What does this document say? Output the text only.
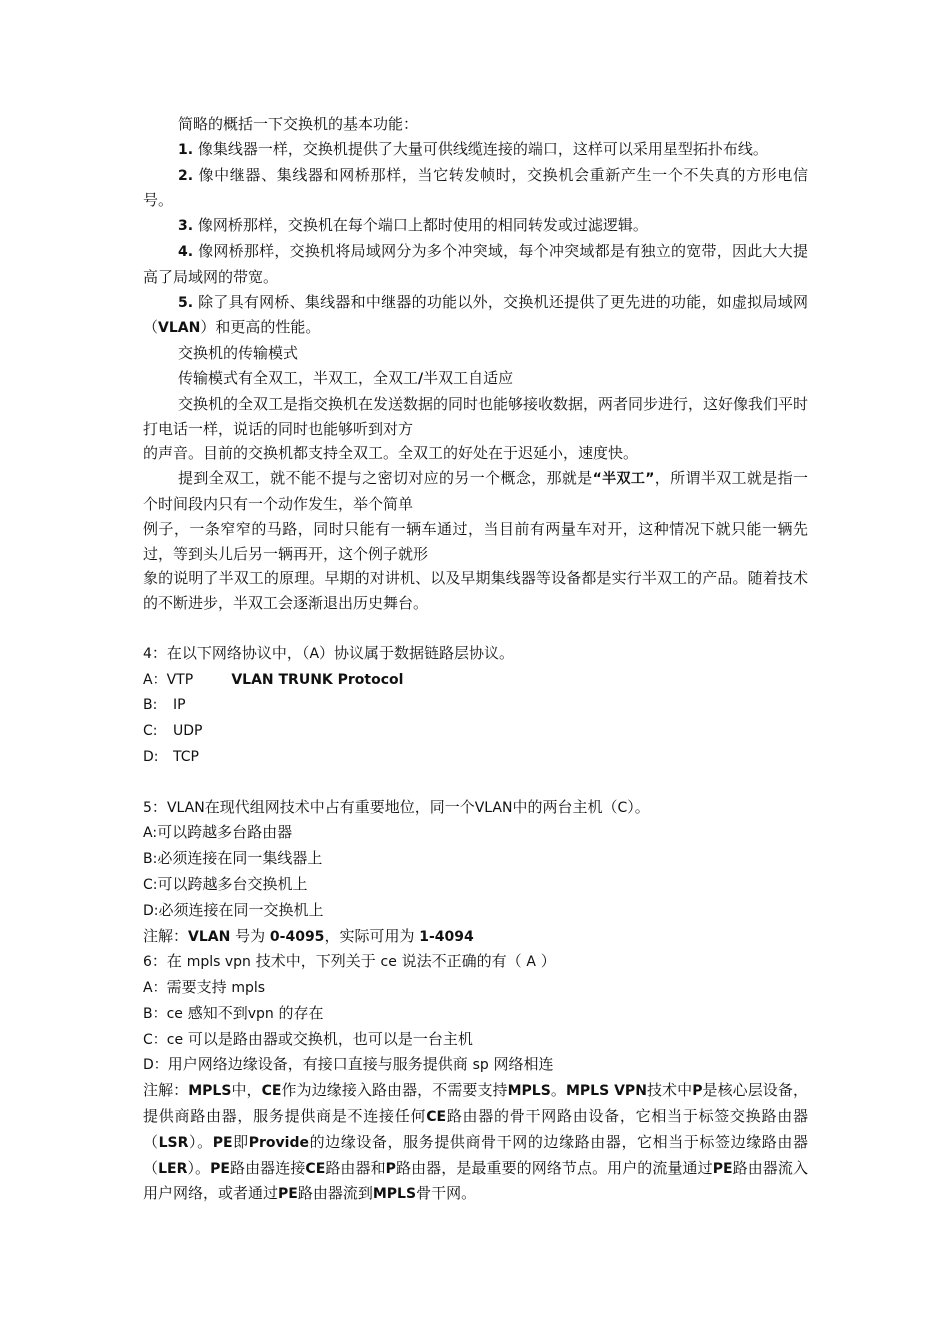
简略的概括一下交换机的基本功能：

1. 像集线器一样，交换机提供了大量可供线缆连接的端口，这样可以采用星型拓扑布线。

2. 像中继器、集线器和网桥那样，当它转发帧时，交换机会重新产生一个不失真的方形电信号。

3. 像网桥那样，交换机在每个端口上都时使用的相同转发或过滤逻辑。

4. 像网桥那样，交换机将局域网分为多个冲突域，每个冲突域都是有独立的宽带，因此大大提高了局域网的带宽。

5. 除了具有网桥、集线器和中继器的功能以外，交换机还提供了更先进的功能，如虚拟局域网（VLAN）和更高的性能。

交换机的传输模式

传输模式有全双工，半双工，全双工/半双工自适应

交换机的全双工是指交换机在发送数据的同时也能够接收数据，两者同步进行，这好像我们平时打电话一样，说话的同时也能够听到对方

的声音。目前的交换机都支持全双工。全双工的好处在于迟延小，速度快。

提到全双工，就不能不提与之密切对应的另一个概念，那就是“半双工”，所谓半双工就是指一个时间段内只有一个动作发生，举个简单

例子，一条窄窄的马路，同时只能有一辆车通过，当目前有两量车对开，这种情况下就只能一辆先过，等到头儿后另一辆再开，这个例子就形

象的说明了半双工的原理。早期的对讲机、以及早期集线器等设备都是实行半双工的产品。随着技术的不断进步，半双工会逐渐退出历史舞台。

4：在以下网络协议中，（A）协议属于数据链路层协议。

A：VTP	VLAN TRUNK Protocol

B: IP

C: UDP

D: TCP

5：VLAN在现代组网技术中占有重要地位，同一个VLAN中的两台主机（C）。

A:可以跨越多台路由器

B:必须连接在同一集线器上

C:可以跨越多台交换机上

D:必须连接在同一交换机上

注解：VLAN 号为 0-4095，实际可用为 1-4094

6：在 mpls vpn 技术中，下列关于 ce 说法不正确的有（ A ）

A：需要支持 mpls

B：ce 感知不到vpn 的存在

C：ce 可以是路由器或交换机，也可以是一台主机

D：用户网络边缘设备，有接口直接与服务提供商 sp 网络相连

注解：MPLS中，CE作为边缘接入路由器，不需要支持MPLS。MPLS VPN技术中P是核心层设备，提供商路由器，服务提供商是不连接任何CE路由器的骨干网路由设备，它相当于标签交换路由器（LSR）。PE即Provide的边缘设备，服务提供商骨干网的边缘路由器，它相当于标签边缘路由器（LER）。PE路由器连接CE路由器和P路由器，是最重要的网络节点。用户的流量通过PE路由器流入用户网络，或者通过PE路由器流到MPLS骨干网。
